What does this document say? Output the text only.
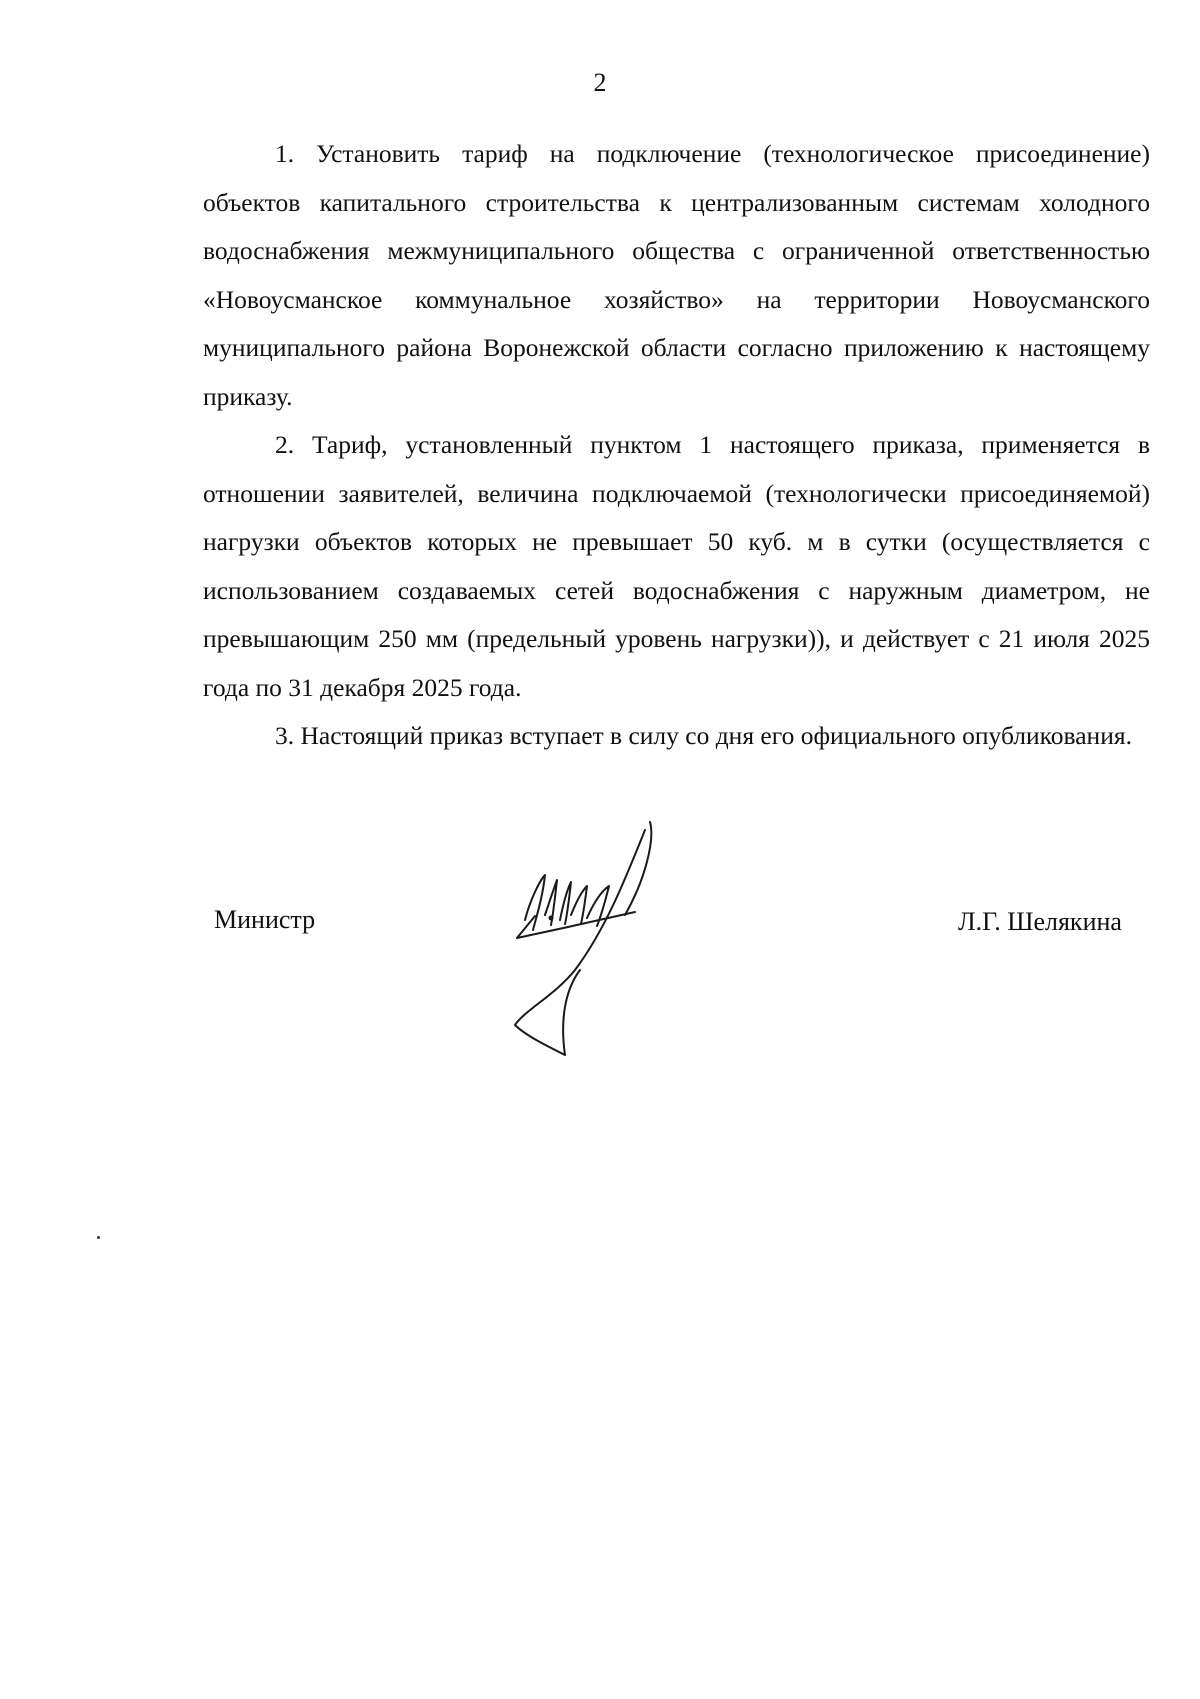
2

1. Установить тариф на подключение (технологическое присоединение) объектов капитального строительства к централизованным системам холодного водоснабжения межмуниципального общества с ограниченной ответственностью «Новоусманское коммунальное хозяйство» на территории Новоусманского муниципального района Воронежской области согласно приложению к настоящему приказу.

2. Тариф, установленный пунктом 1 настоящего приказа, применяется в отношении заявителей, величина подключаемой (технологически присоединяемой) нагрузки объектов которых не превышает 50 куб. м в сутки (осуществляется с использованием создаваемых сетей водоснабжения с наружным диаметром, не превышающим 250 мм (предельный уровень нагрузки)), и действует с 21 июля 2025 года по 31 декабря 2025 года.

3. Настоящий приказ вступает в силу со дня его официального опубликования.

Министр	Л.Г. Шелякина
